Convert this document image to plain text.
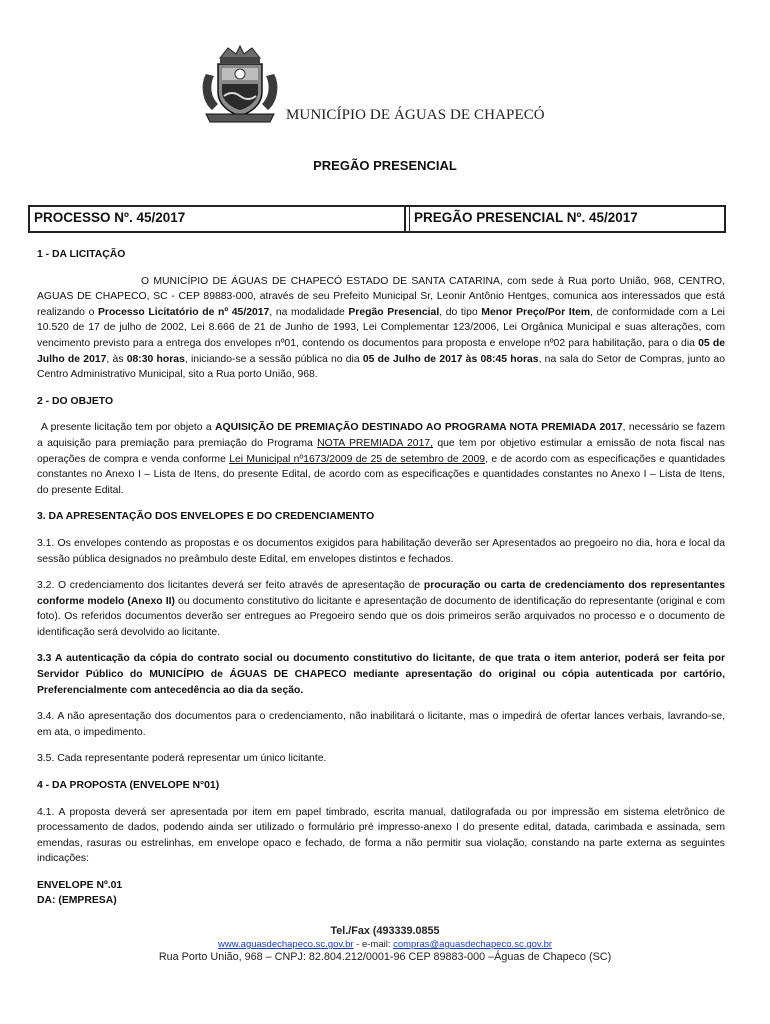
MUNICÍPIO DE ÁGUAS DE CHAPECÓ
PREGÃO PRESENCIAL
PROCESSO Nº. 45/2017	PREGÃO PRESENCIAL Nº. 45/2017
1 - DA LICITAÇÃO

O MUNICÍPIO DE ÁGUAS DE CHAPECÓ ESTADO DE SANTA CATARINA, com sede à Rua porto União, 968, CENTRO, AGUAS DE CHAPECO, SC - CEP 89883-000, através de seu Prefeito Municipal Sr, Leonir Antônio Hentges, comunica aos interessados que está realizando o Processo Licitatório de nº 45/2017, na modalidade Pregão Presencial, do tipo Menor Preço/Por Item, de conformidade com a Lei 10.520 de 17 de julho de 2002, Lei 8.666 de 21 de Junho de 1993, Lei Complementar 123/2006, Lei Orgânica Municipal e suas alterações, com vencimento previsto para a entrega dos envelopes nº01, contendo os documentos para proposta e envelope nº02 para habilitação, para o dia 05 de Julho de 2017, às 08:30 horas, iniciando-se a sessão pública no dia 05 de Julho de 2017 às 08:45 horas, na sala do Setor de Compras, junto ao Centro Administrativo Municipal, sito a Rua porto União, 968.

2 - DO OBJETO

A presente licitação tem por objeto a AQUISIÇÃO DE PREMIAÇÃO DESTINADO AO PROGRAMA NOTA PREMIADA 2017, necessário se fazem a aquisição para premiação para premiação do Programa NOTA PREMIADA 2017, que tem por objetivo estimular a emissão de nota fiscal nas operações de compra e venda conforme Lei Municipal nº1673/2009 de 25 de setembro de 2009, e de acordo com as especificações e quantidades constantes no Anexo I – Lista de Itens, do presente Edital, de acordo com as especificações e quantidades constantes no Anexo I – Lista de Itens, do presente Edital.

3. DA APRESENTAÇÃO DOS ENVELOPES E DO CREDENCIAMENTO

3.1. Os envelopes contendo as propostas e os documentos exigidos para habilitação deverão ser Apresentados ao pregoeiro no dia, hora e local da sessão pública designados no preâmbulo deste Edital, em envelopes distintos e fechados.

3.2. O credenciamento dos licitantes deverá ser feito através de apresentação de procuração ou carta de credenciamento dos representantes conforme modelo (Anexo II) ou documento constitutivo do licitante e apresentação de documento de identificação do representante (original e com foto). Os referidos documentos deverão ser entregues ao Pregoeiro sendo que os dois primeiros serão arquivados no processo e o documento de identificação será devolvido ao licitante.

3.3 A autenticação da cópia do contrato social ou documento constitutivo do licitante, de que trata o item anterior, poderá ser feita por Servidor Público do MUNICÍPIO de ÁGUAS DE CHAPECO mediante apresentação do original ou cópia autenticada por cartório, Preferencialmente com antecedência ao dia da seção.

3.4. A não apresentação dos documentos para o credenciamento, não inabilitará o licitante, mas o impedirá de ofertar lances verbais, lavrando-se, em ata, o impedimento.

3.5. Cada representante poderá representar um único licitante.

4 - DA PROPOSTA (ENVELOPE N°01)

4.1. A proposta deverá ser apresentada por item em papel timbrado, escrita manual, datilografada ou por impressão em sistema eletrônico de processamento de dados, podendo ainda ser utilizado o formulário pré impresso-anexo I do presente edital, datada, carimbada e assinada, sem emendas, rasuras ou estrelinhas, em envelope opaco e fechado, de forma a não permitir sua violação, constando na parte externa as seguintes indicações:

ENVELOPE Nº.01
DA: (EMPRESA)
Tel./Fax (493339.0855
www.aguasdechapeco.sc.gov.br - e-mail: compras@aguasdechapeco.sc.gov.br
Rua Porto União, 968 – CNPJ: 82.804.212/0001-96 CEP 89883-000 –Águas de Chapeco (SC)
